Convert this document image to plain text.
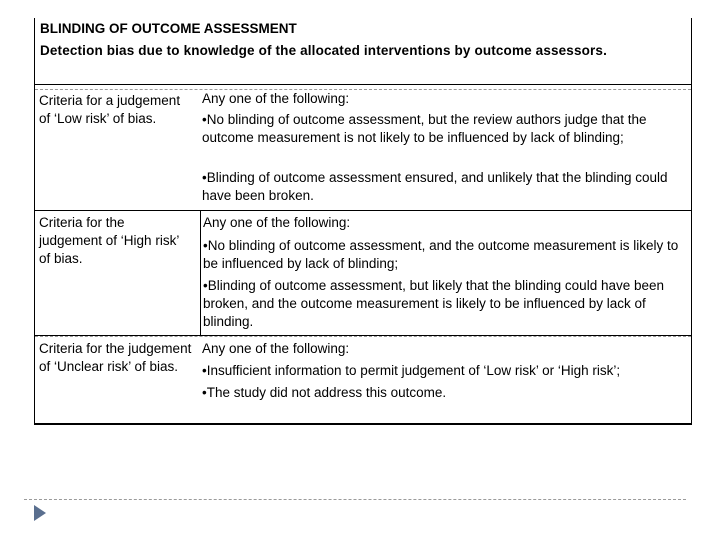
BLINDING OF OUTCOME ASSESSMENT
Detection bias due to knowledge of the allocated interventions by outcome assessors.
Criteria for a judgement of ‘Low risk’ of bias.
Any one of the following:
•No blinding of outcome assessment, but the review authors judge that the outcome measurement is not likely to be influenced by lack of blinding;
•Blinding of outcome assessment ensured, and unlikely that the blinding could have been broken.
Criteria for the judgement of ‘High risk’ of bias.
Any one of the following:
•No blinding of outcome assessment, and the outcome measurement is likely to be influenced by lack of blinding;
•Blinding of outcome assessment, but likely that the blinding could have been broken, and the outcome measurement is likely to be influenced by lack of blinding.
Criteria for the judgement of ‘Unclear risk’ of bias.
Any one of the following:
•Insufficient information to permit judgement of ‘Low risk’ or ‘High risk’;
•The study did not address this outcome.
